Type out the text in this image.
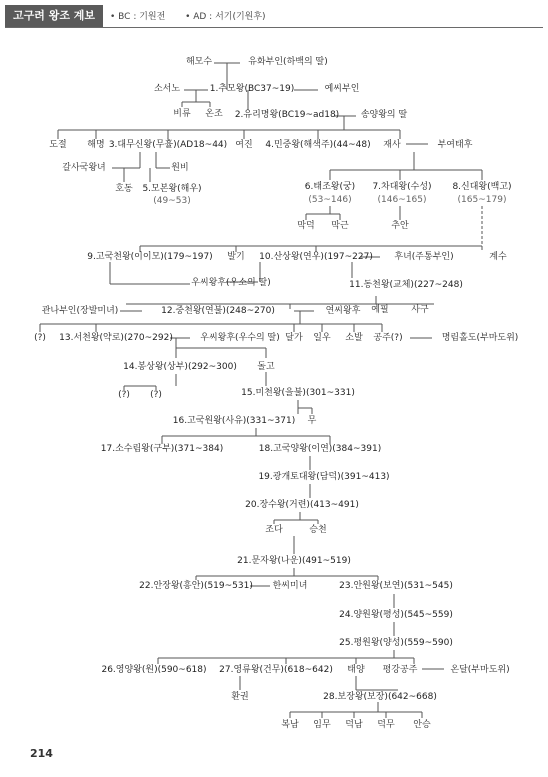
고구려 왕조 계보	• BC : 기원전 • AD : 서기(기원후)
해모수	유화부인(하백의 딸)
소서노	1.추모왕(BC37~19)	예씨부인
비류 온조 2.유리명왕(BC19~ad18) 송양왕의 딸
도절 해명 3.대무신왕(무휼)(AD18~44) 여진 4.민중왕(해색주)(44~48) 재사	부여태후
갈사국왕녀	원비
호동 5.모본왕(해우)
(49~53)
6.태조왕(궁)
(53~146)
7.차대왕(수성)
(146~165)
8.신대왕(백고)
(165~179)
막덕 막근	추안
9.고국천왕(이이모)(179~197) 발기 10.산상왕(연우)(197~227) 후녀(주통부인)	계수
우씨왕후(우소의 딸)	11.동천왕(교체)(227~248)
예필	사구
관나부인(장발미녀)	12.중천왕(연불)(248~270)	연씨왕후
(?) 13.서천왕(약로)(270~292)	우씨왕후(우수의 딸) 달가 일우 소발 공주(?)	명림홀도(부마도위)
14.봉상왕(상부)(292~300) 돌고
(?) (?)	15.미천왕(을불)(301~331)
16.고국원왕(사유)(331~371) 무
17.소수림왕(구부)(371~384)	18.고국양왕(이연)(384~391)
19.광개토대왕(담덕)(391~413)
20.장수왕(거련)(413~491)
조다	승천
21.문자왕(나운)(491~519)
22.안장왕(흥안)(519~531) 한씨미녀	23.안원왕(보연)(531~545)
24.양원왕(평성)(545~559)
25.평원왕(양성)(559~590)
26.영양왕(원)(590~618) 27.영류왕(건무)(618~642) 태양 평강공주	온달(부마도위)
환권	28.보장왕(보장)(642~668)
복남 임무 덕남 덕무 안승
214
